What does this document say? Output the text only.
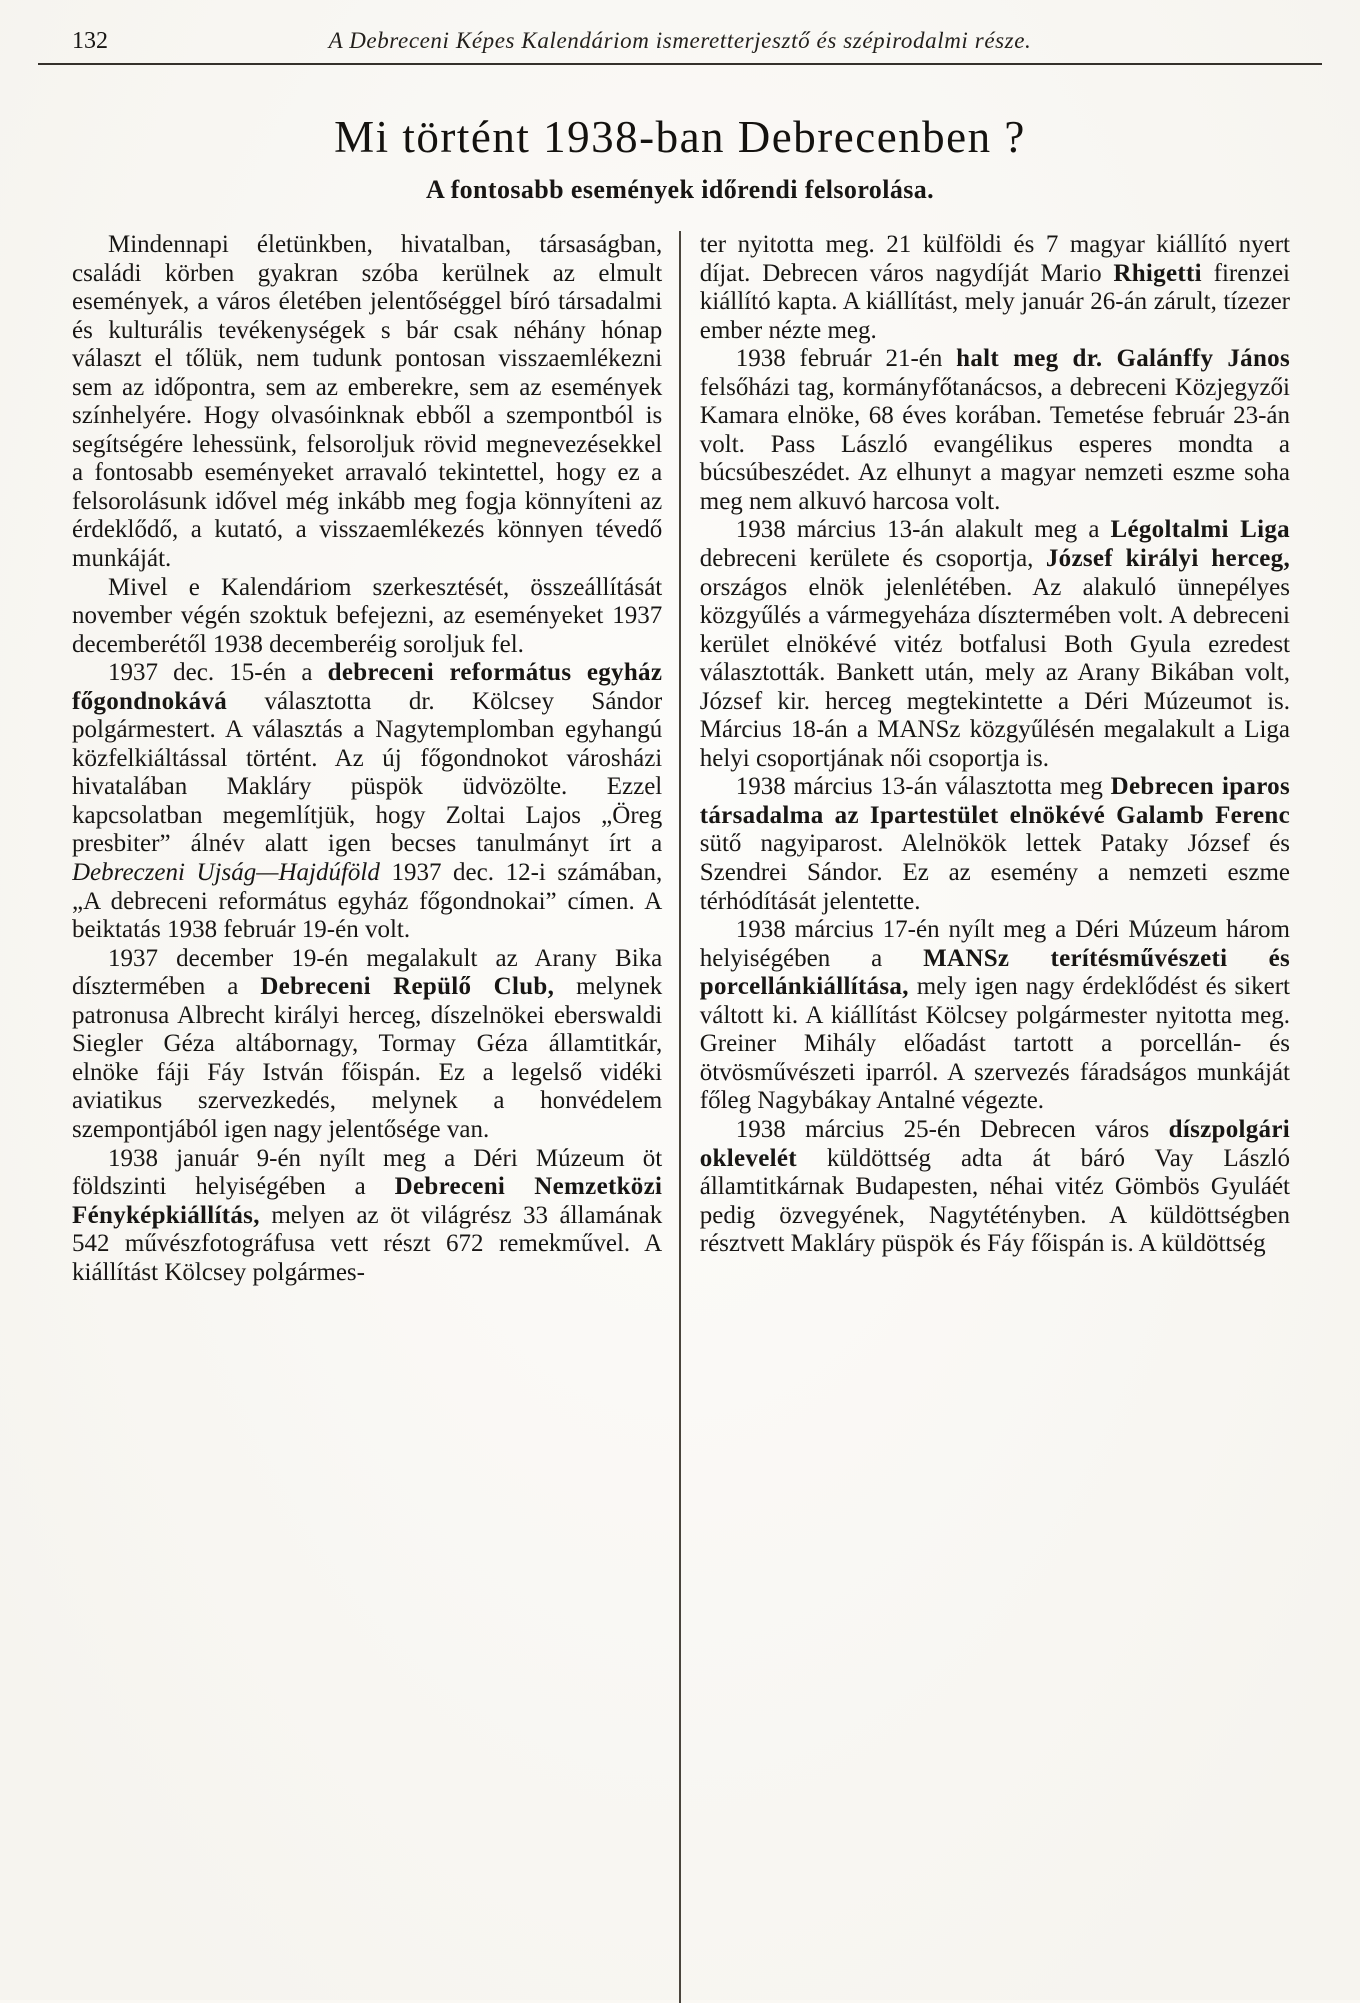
132	A Debreceni Képes Kalendáriom ismeretterjesztő és szépirodalmi része.
Mi történt 1938-ban Debrecenben ?
A fontosabb események időrendi felsorolása.

Mindennapi életünkben, hivatalban, társaságban, családi körben gyakran szóba kerülnek az elmult események, a város életében jelentőséggel bíró társadalmi és kulturális tevékenységek s bár csak néhány hónap választ el tőlük, nem tudunk pontosan visszaemlékezni sem az időpontra, sem az emberekre, sem az események színhelyére. Hogy olvasóinknak ebből a szempontból is segítségére lehessünk, felsoroljuk rövid megnevezésekkel a fontosabb eseményeket arravaló tekintettel, hogy ez a felsorolásunk idővel még inkább meg fogja könnyíteni az érdeklődő, a kutató, a visszaemlékezés könnyen tévedő munkáját.

Mivel e Kalendáriom szerkesztését, összeállítását november végén szoktuk befejezni, az eseményeket 1937 decemberétől 1938 decemberéig soroljuk fel.

1937 dec. 15-én a debreceni református egyház főgondnokává választotta dr. Kölcsey Sándor polgármestert. A választás a Nagytemplomban egyhangú közfelkiáltással történt. Az új főgondnokot városházi hivatalában Makláry püspök üdvözölte. Ezzel kapcsolatban megemlítjük, hogy Zoltai Lajos „Öreg presbiter” álnév alatt igen becses tanulmányt írt a Debreczeni Ujság—Hajdúföld 1937 dec. 12-i számában, „A debreceni református egyház főgondnokai” címen. A beiktatás 1938 február 19-én volt.

1937 december 19-én megalakult az Arany Bika dísztermében a Debreceni Repülő Club, melynek patronusa Albrecht királyi herceg, díszelnökei eberswaldi Siegler Géza altábornagy, Tormay Géza államtitkár, elnöke fáji Fáy István főispán. Ez a legelső vidéki aviatikus szervezkedés, melynek a honvédelem szempontjából igen nagy jelentősége van.

1938 január 9-én nyílt meg a Déri Múzeum öt földszinti helyiségében a Debreceni Nemzetközi Fényképkiállítás, melyen az öt világrész 33 államának 542 művészfotográfusa vett részt 672 remekművel. A kiállítást Kölcsey polgármes-

ter nyitotta meg. 21 külföldi és 7 magyar kiállító nyert díjat. Debrecen város nagydíját Mario Rhigetti firenzei kiállító kapta. A kiállítást, mely január 26-án zárult, tízezer ember nézte meg.

1938 február 21-én halt meg dr. Galánffy János felsőházi tag, kormányfőtanácsos, a debreceni Közjegyzői Kamara elnöke, 68 éves korában. Temetése február 23-án volt. Pass László evangélikus esperes mondta a búcsúbeszédet. Az elhunyt a magyar nemzeti eszme soha meg nem alkuvó harcosa volt.

1938 március 13-án alakult meg a Légoltalmi Liga debreceni kerülete és csoportja, József királyi herceg, országos elnök jelenlétében. Az alakuló ünnepélyes közgyűlés a vármegyeháza dísztermében volt. A debreceni kerület elnökévé vitéz botfalusi Both Gyula ezredest választották. Bankett után, mely az Arany Bikában volt, József kir. herceg megtekintette a Déri Múzeumot is. Március 18-án a MANSz közgyűlésén megalakult a Liga helyi csoportjának női csoportja is.

1938 március 13-án választotta meg Debrecen iparos társadalma az Ipartestület elnökévé Galamb Ferenc sütő nagyiparost. Alelnökök lettek Pataky József és Szendrei Sándor. Ez az esemény a nemzeti eszme térhódítását jelentette.

1938 március 17-én nyílt meg a Déri Múzeum három helyiségében a MANSz terítésművészeti és porcellánkiállítása, mely igen nagy érdeklődést és sikert váltott ki. A kiállítást Kölcsey polgármester nyitotta meg. Greiner Mihály előadást tartott a porcellán- és ötvösművészeti iparról. A szervezés fáradságos munkáját főleg Nagybákay Antalné végezte.

1938 március 25-én Debrecen város díszpolgári oklevelét küldöttség adta át báró Vay László államtitkárnak Budapesten, néhai vitéz Gömbös Gyuláét pedig özvegyének, Nagytétényben. A küldöttségben résztvett Makláry püspök és Fáy főispán is. A küldöttség
